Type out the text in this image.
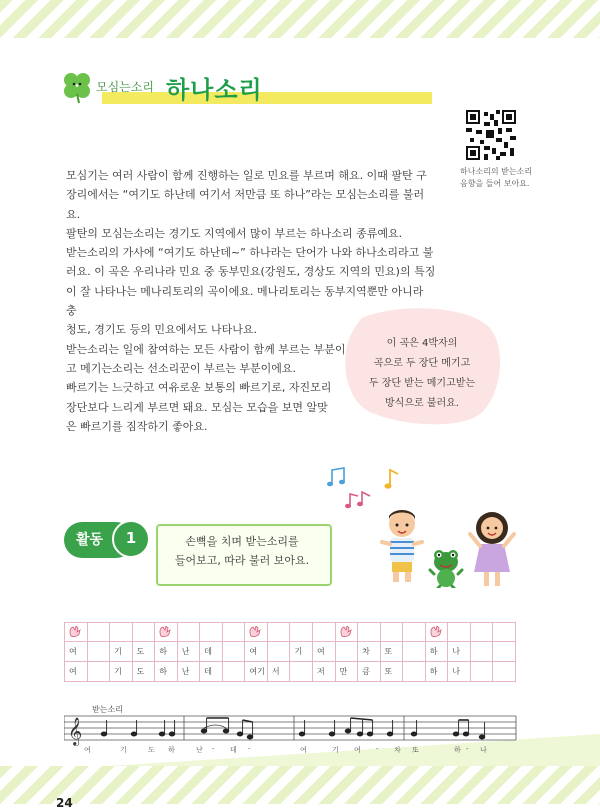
모심는소리 하나소리
하나소리의 받는소리
음향을 들어 보아요.

모심기는 여러 사람이 함께 진행하는 일로 민요를 부르며 해요. 이때 팔탄 구

장리에서는 “여기도 하난데 여기서 저만큼 또 하나”라는 모심는소리를 불러요.

팔탄의 모심는소리는 경기도 지역에서 많이 부르는 하나소리 종류예요.

받는소리의 가사에 “여기도 하난데~” 하나라는 단어가 나와 하나소리라고 불

러요. 이 곡은 우리나라 민요 중 동부민요(강원도, 경상도 지역의 민요)의 특징

이 잘 나타나는 메나리토리의 곡이에요. 메나리토리는 동부지역뿐만 아니라 충

청도, 경기도 등의 민요에서도 나타나요.

받는소리는 일에 참여하는 모든 사람이 함께 부르는 부분이

고 메기는소리는 선소리꾼이 부르는 부분이에요.

빠르기는 느긋하고 여유로운 보통의 빠르기로, 자진모리

장단보다 느리게 부르면 돼요. 모심는 모습을 보면 알맞

은 빠르기를 짐작하기 좋아요.

이 곡은 4박자의
곡으로 두 장단 메기고
두 장단 받는 메기고받는
방식으로 불러요.
활동	1	손뼉을 치며 받는소리를
들어보고, 따라 불러 보아요.

여		기	도	하	난	데		여		기	여		차	또		하	나		
여		기	도	하	난	데		여기	서		저	만	큼	또		하	나		
받는소리
𝄞
여	기	도 하	난 - 데 -	여	기 여 - 차 또	하 - 나
24
